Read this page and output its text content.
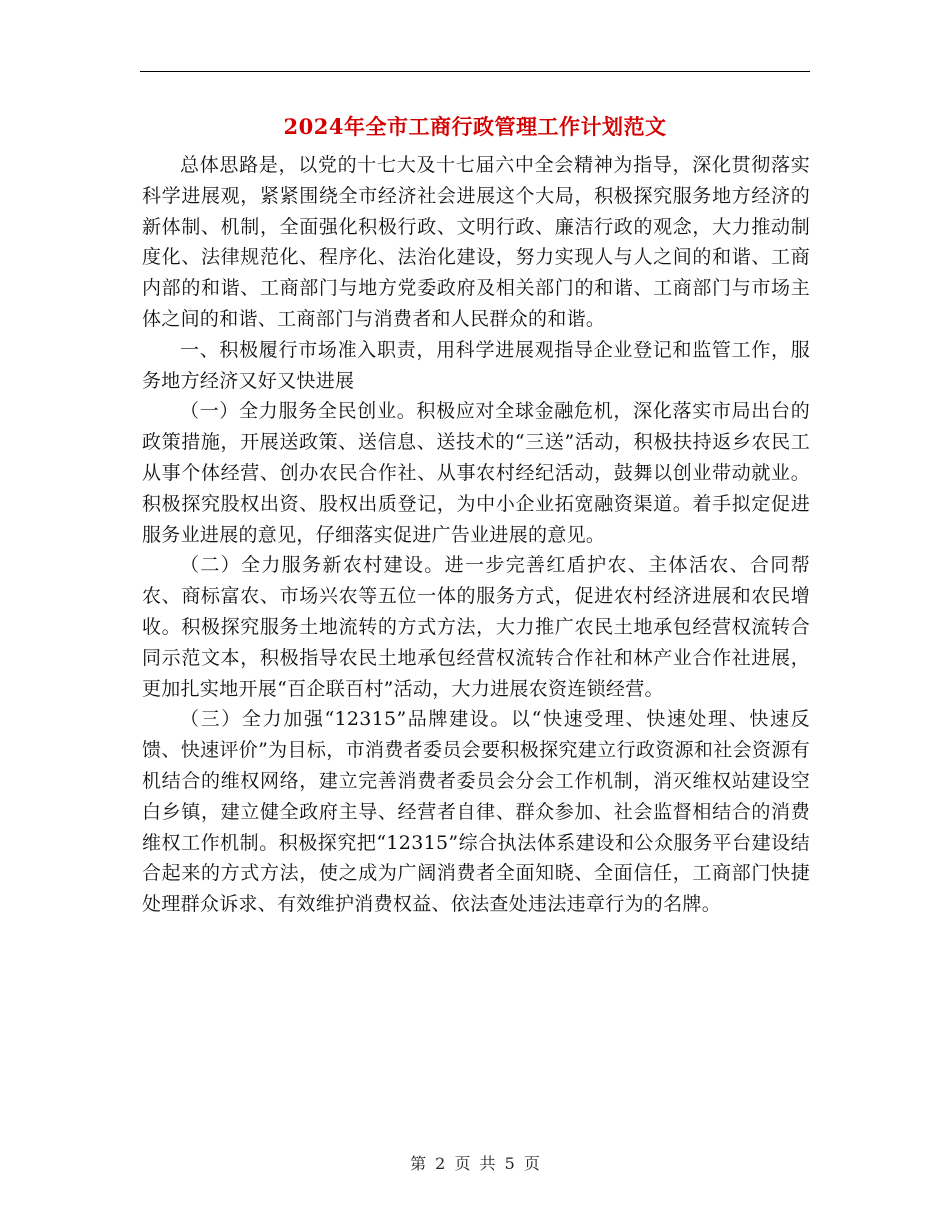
2024年全市工商行政管理工作计划范文

总体思路是，以党的十七大及十七届六中全会精神为指导，深化贯彻落实科学进展观，紧紧围绕全市经济社会进展这个大局，积极探究服务地方经济的新体制、机制，全面强化积极行政、文明行政、廉洁行政的观念，大力推动制度化、法律规范化、程序化、法治化建设，努力实现人与人之间的和谐、工商内部的和谐、工商部门与地方党委政府及相关部门的和谐、工商部门与市场主体之间的和谐、工商部门与消费者和人民群众的和谐。

一、积极履行市场准入职责，用科学进展观指导企业登记和监管工作，服务地方经济又好又快进展

（一）全力服务全民创业。积极应对全球金融危机，深化落实市局出台的政策措施，开展送政策、送信息、送技术的“三送”活动，积极扶持返乡农民工从事个体经营、创办农民合作社、从事农村经纪活动，鼓舞以创业带动就业。积极探究股权出资、股权出质登记，为中小企业拓宽融资渠道。着手拟定促进服务业进展的意见，仔细落实促进广告业进展的意见。

（二）全力服务新农村建设。进一步完善红盾护农、主体活农、合同帮农、商标富农、市场兴农等五位一体的服务方式，促进农村经济进展和农民增收。积极探究服务土地流转的方式方法，大力推广农民土地承包经营权流转合同示范文本，积极指导农民土地承包经营权流转合作社和林产业合作社进展，更加扎实地开展“百企联百村”活动，大力进展农资连锁经营。

（三）全力加强“12315”品牌建设。以“快速受理、快速处理、快速反馈、快速评价”为目标，市消费者委员会要积极探究建立行政资源和社会资源有机结合的维权网络，建立完善消费者委员会分会工作机制，消灭维权站建设空白乡镇，建立健全政府主导、经营者自律、群众参加、社会监督相结合的消费维权工作机制。积极探究把“12315”综合执法体系建设和公众服务平台建设结合起来的方式方法，使之成为广阔消费者全面知晓、全面信任，工商部门快捷处理群众诉求、有效维护消费权益、依法查处违法违章行为的名牌。

第 2 页 共 5 页
